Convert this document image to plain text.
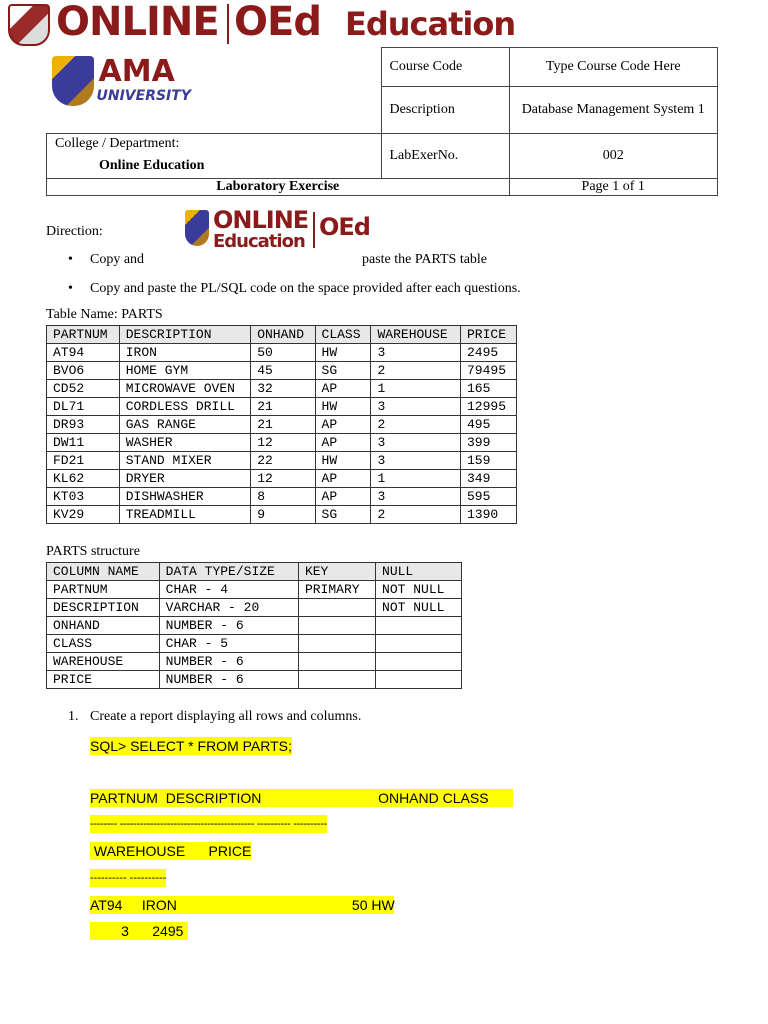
ONLINE OEd Education
AMA
UNIVERSITY	Course Code	Type Course Code Here
	Description	Database Management System 1

College / Department:
Online Education	LabExerNo.	002
Laboratory Exercise		Page 1 of 1
Direction:	ONLINE
Education
OEd
• Copy and	paste the PARTS table
• Copy and paste the PL/SQL code on the space provided after each questions.
Table Name: PARTS
PARTNUM	DESCRIPTION	ONHAND	CLASS	WAREHOUSE	PRICE
AT94	IRON	50	HW	3	2495
BVO6	HOME GYM	45	SG	2	79495
CD52	MICROWAVE OVEN	32	AP	1	165
DL71	CORDLESS DRILL	21	HW	3	12995
DR93	GAS RANGE	21	AP	2	495
DW11	WASHER	12	AP	3	399
FD21	STAND MIXER	22	HW	3	159
KL62	DRYER	12	AP	1	349
KT03	DISHWASHER	8	AP	3	595
KV29	TREADMILL	9	SG	2	1390
PARTS structure
COLUMN NAME	DATA TYPE/SIZE	KEY	NULL
PARTNUM	CHAR - 4	PRIMARY	NOT NULL
DESCRIPTION	VARCHAR - 20		NOT NULL
ONHAND	NUMBER - 6		
CLASS	CHAR - 5		
WAREHOUSE	NUMBER - 6		
PRICE	NUMBER - 6		
1. Create a report displaying all rows and columns.
SQL> SELECT * FROM PARTS;
PARTNUM  DESCRIPTION                              ONHAND CLASS
-------- ---------------------------------------- ---------- ----------
WAREHOUSE      PRICE
---------- ----------
AT94     IRON                                             50 HW
3      2495
